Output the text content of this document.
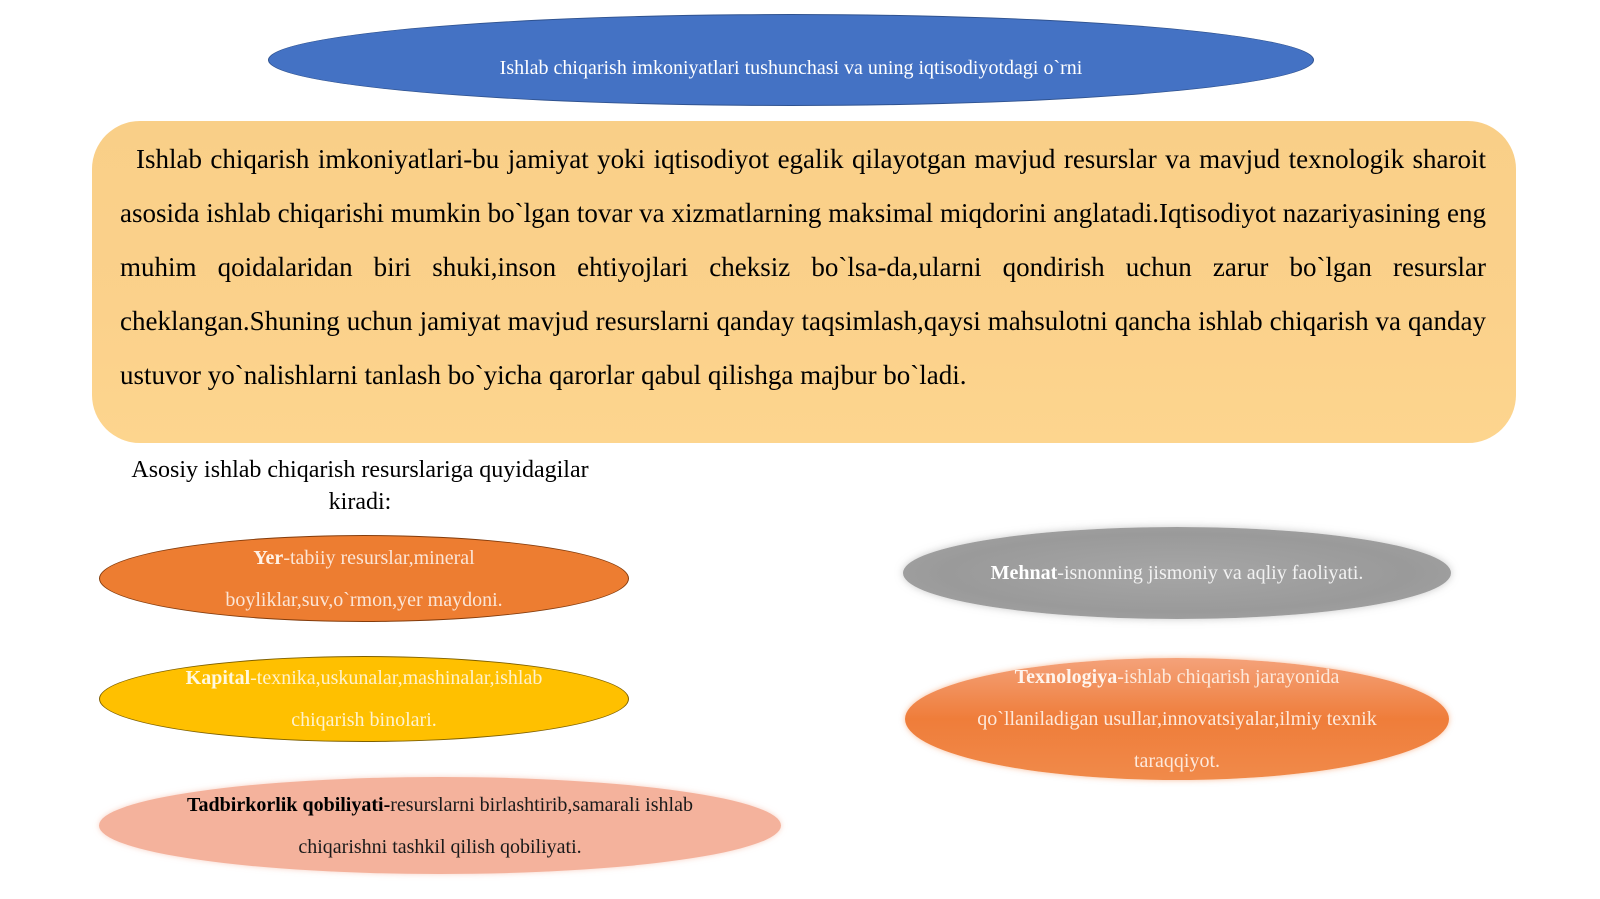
Ishlab chiqarish imkoniyatlari tushunchasi va uning iqtisodiyotdagi o`rni

Ishlab chiqarish imkoniyatlari-bu jamiyat yoki iqtisodiyot egalik qilayotgan mavjud resurslar va mavjud texnologik sharoit asosida ishlab chiqarishi mumkin bo`lgan tovar va xizmatlarning maksimal miqdorini anglatadi.Iqtisodiyot nazariyasining eng muhim qoidalaridan biri shuki,inson ehtiyojlari cheksiz bo`lsa-da,ularni qondirish uchun zarur bo`lgan resurslar cheklangan.Shuning uchun jamiyat mavjud resurslarni qanday taqsimlash,qaysi mahsulotni qancha ishlab chiqarish va qanday ustuvor yo`nalishlarni tanlash bo`yicha qarorlar qabul qilishga majbur bo`ladi.

Asosiy ishlab chiqarish resurslariga quyidagilar kiradi:
Yer-tabiiy resurslar,mineral boyliklar,suv,o`rmon,yer maydoni.
Kapital-texnika,uskunalar,mashinalar,ishlab chiqarish binolari.
Tadbirkorlik qobiliyati-resurslarni birlashtirib,samarali ishlab chiqarishni tashkil qilish qobiliyati.
Mehnat-isnonning jismoniy va aqliy faoliyati.
Texnologiya-ishlab chiqarish jarayonida qo`llaniladigan usullar,innovatsiyalar,ilmiy texnik taraqqiyot.
